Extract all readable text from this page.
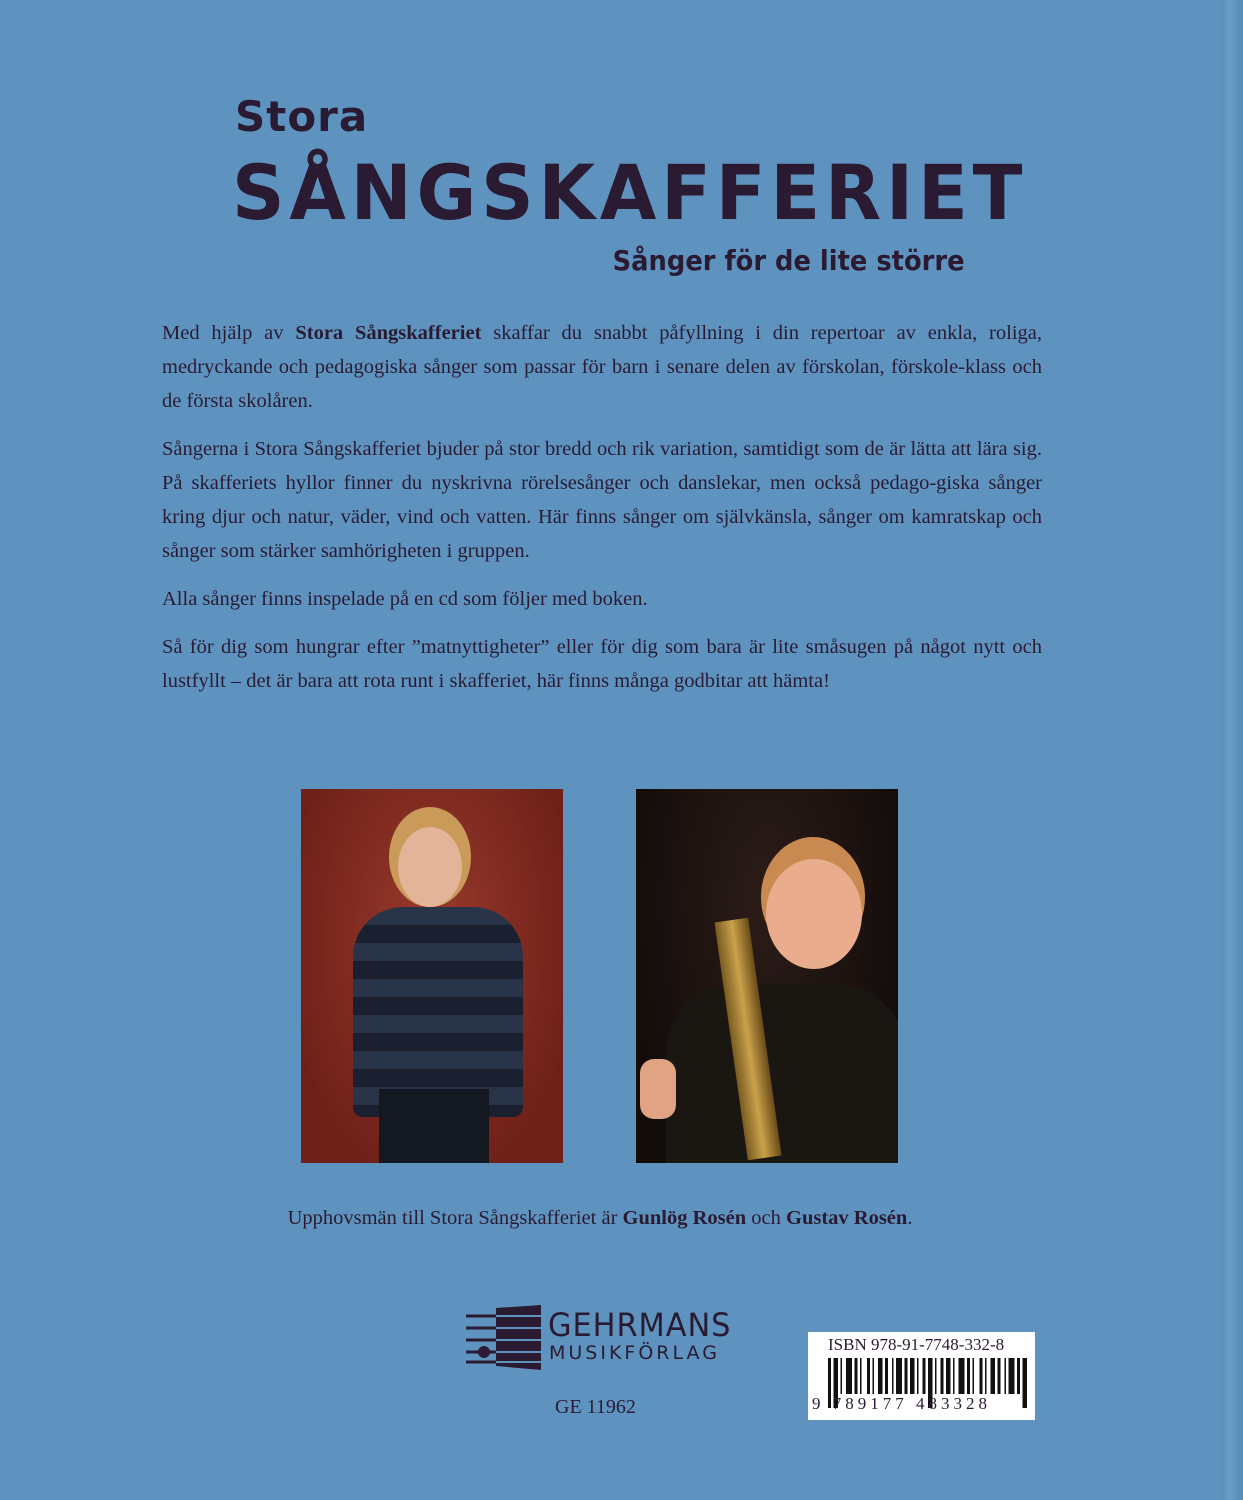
Stora
SÅNGSKAFFERIET
Sånger för de lite större

Med hjälp av Stora Sångskafferiet skaffar du snabbt påfyllning i din repertoar av enkla, roliga, medryckande och pedagogiska sånger som passar för barn i senare delen av förskolan, förskole-klass och de första skolåren.

Sångerna i Stora Sångskafferiet bjuder på stor bredd och rik variation, samtidigt som de är lätta att lära sig. På skafferiets hyllor finner du nyskrivna rörelsesånger och danslekar, men också pedago-giska sånger kring djur och natur, väder, vind och vatten. Här finns sånger om självkänsla, sånger om kamratskap och sånger som stärker samhörigheten i gruppen.

Alla sånger finns inspelade på en cd som följer med boken.

Så för dig som hungrar efter ”matnyttigheter” eller för dig som bara är lite småsugen på något nytt och lustfyllt – det är bara att rota runt i skafferiet, här finns många godbitar att hämta!

Upphovsmän till Stora Sångskafferiet är Gunlög Rosén och Gustav Rosén.
GEHRMANS
MUSIKFÖRLAG
GE 11962
ISBN 978-91-7748-332-8
9 789177 483328
